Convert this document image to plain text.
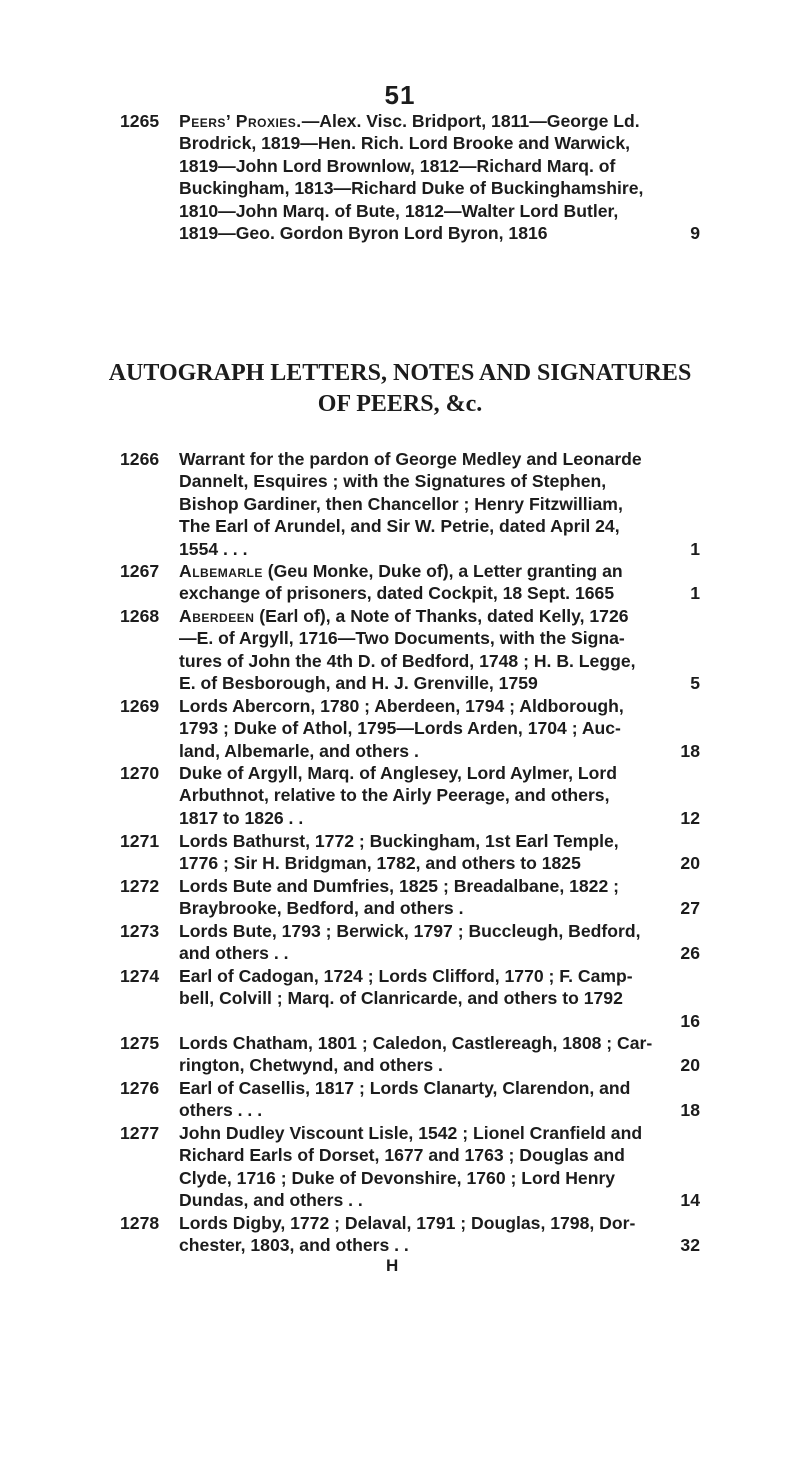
51
1265 Peers’ Proxies.—Alex. Visc. Bridport, 1811—George Ld.
Brodrick, 1819—Hen. Rich. Lord Brooke and Warwick,
1819—John Lord Brownlow, 1812—Richard Marq. of
Buckingham, 1813—Richard Duke of Buckinghamshire,
1810—John Marq. of Bute, 1812—Walter Lord Butler,
1819—Geo. Gordon Byron Lord Byron, 1816	9
AUTOGRAPH LETTERS, NOTES AND SIGNATURES
OF PEERS, &c.
1266 Warrant for the pardon of George Medley and Leonarde
Dannelt, Esquires ; with the Signatures of Stephen,
Bishop Gardiner, then Chancellor ; Henry Fitzwilliam,
The Earl of Arundel, and Sir W. Petrie, dated April 24,
1554 . . .	1
1267 Albemarle (Geu Monke, Duke of), a Letter granting an
exchange of prisoners, dated Cockpit, 18 Sept. 1665	1
1268 Aberdeen (Earl of), a Note of Thanks, dated Kelly, 1726
—E. of Argyll, 1716—Two Documents, with the Signa-
tures of John the 4th D. of Bedford, 1748 ; H. B. Legge,
E. of Besborough, and H. J. Grenville, 1759	5
1269 Lords Abercorn, 1780 ; Aberdeen, 1794 ; Aldborough,
1793 ; Duke of Athol, 1795—Lords Arden, 1704 ; Auc-
land, Albemarle, and others .	18
1270 Duke of Argyll, Marq. of Anglesey, Lord Aylmer, Lord
Arbuthnot, relative to the Airly Peerage, and others,
1817 to 1826 . .	12
1271 Lords Bathurst, 1772 ; Buckingham, 1st Earl Temple,
1776 ; Sir H. Bridgman, 1782, and others to 1825	20
1272 Lords Bute and Dumfries, 1825 ; Breadalbane, 1822 ;
Braybrooke, Bedford, and others .	27
1273 Lords Bute, 1793 ; Berwick, 1797 ; Buccleugh, Bedford,
and others . .	26
1274 Earl of Cadogan, 1724 ; Lords Clifford, 1770 ; F. Camp-
bell, Colvill ; Marq. of Clanricarde, and others to 1792
16
1275 Lords Chatham, 1801 ; Caledon, Castlereagh, 1808 ; Car-
rington, Chetwynd, and others .	20
1276 Earl of Casellis, 1817 ; Lords Clanarty, Clarendon, and
others . . .	18
1277 John Dudley Viscount Lisle, 1542 ; Lionel Cranfield and
Richard Earls of Dorset, 1677 and 1763 ; Douglas and
Clyde, 1716 ; Duke of Devonshire, 1760 ; Lord Henry
Dundas, and others . .	14
1278 Lords Digby, 1772 ; Delaval, 1791 ; Douglas, 1798, Dor-
chester, 1803, and others . .	32
H
